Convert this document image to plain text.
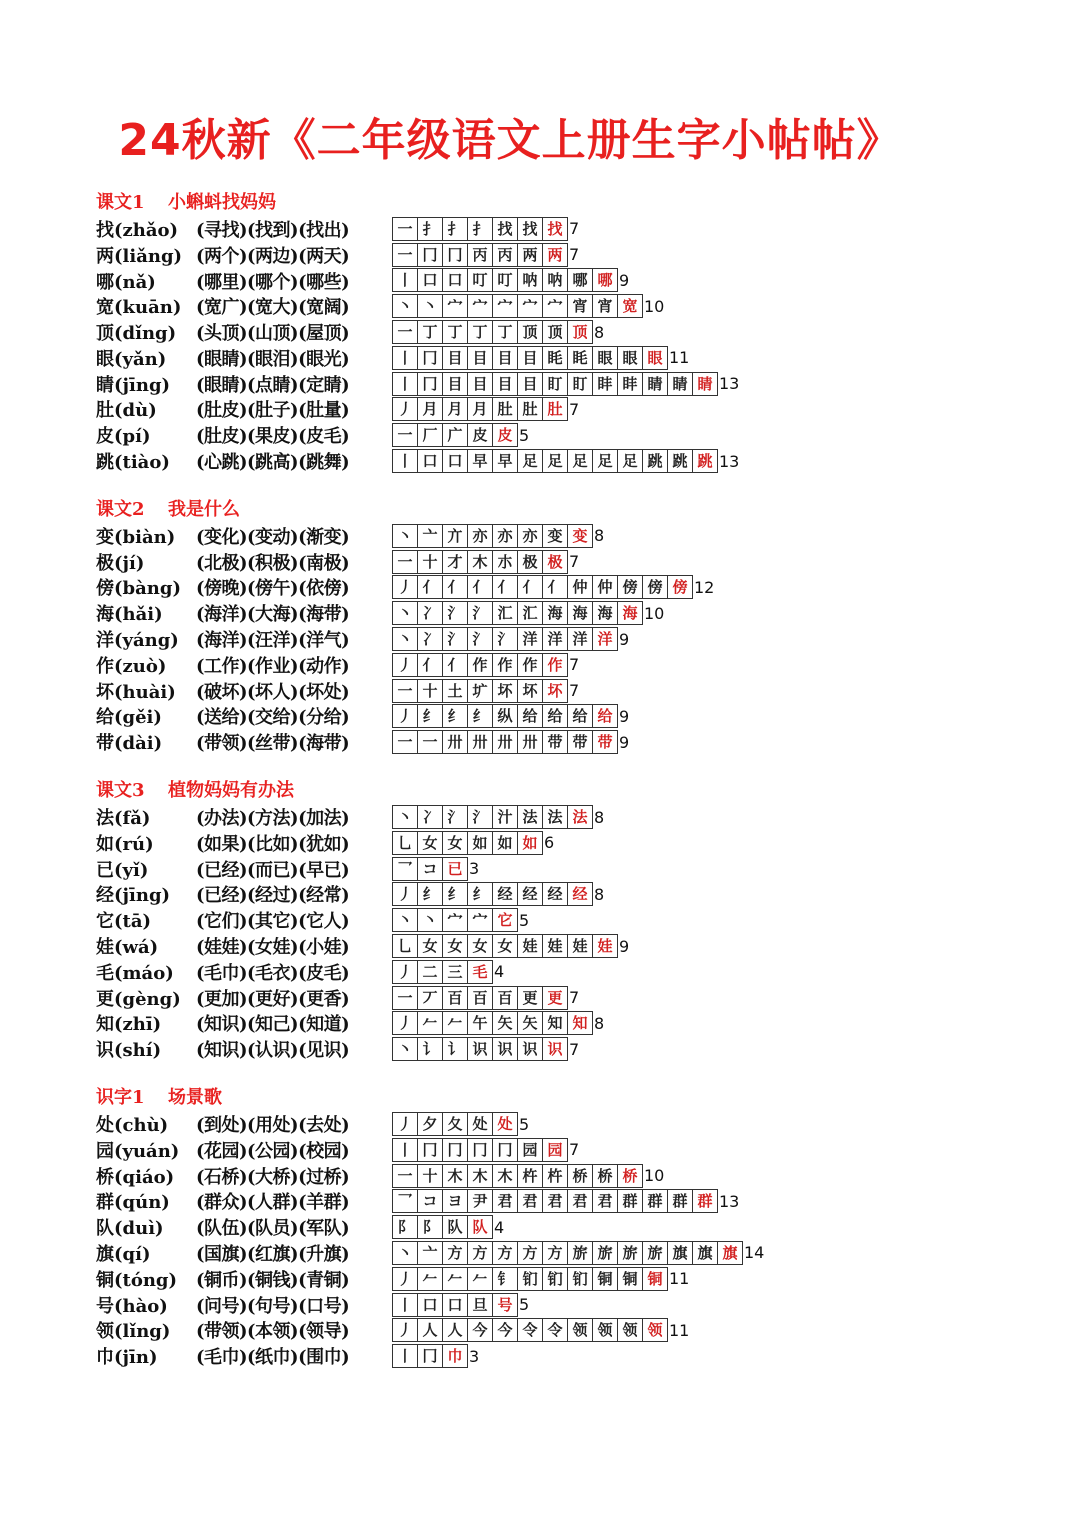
24秋新《二年级语文上册生字小帖帖》
课文1 小蝌蚪找妈妈
找(zhǎo) (寻找)(找到)(找出)	一 扌 扌 扌 找 找 找 7
两(liǎng) (两个)(两边)(两天)	一 冂 冂 丙 丙 两 两 7
哪(nǎ)	(哪里)(哪个)(哪些)	丨 口 口 叮 叮 呐 呐 哪 哪 9
宽(kuān) (宽广)(宽大)(宽阔)	丶 丶 宀 宀 宀 宀 宀 宵 宵 宽 10
顶(dǐng)	(头顶)(山顶)(屋顶)	一 丁 丁 丁 丁 顶 顶 顶 8
眼(yǎn)	(眼睛)(眼泪)(眼光)	丨 冂 目 目 目 目 眊 眊 眼 眼 眼 11
睛(jīng)	(眼睛)(点睛)(定睛)	丨 冂 目 目 目 目 盯 盯 盽 盽 睛 睛 睛 13
肚(dù)	(肚皮)(肚子)(肚量)	丿 月 月 月 肚 肚 肚 7
皮(pí)	(肚皮)(果皮)(皮毛)	一 厂 广 皮 皮 5
跳(tiào)	(心跳)(跳高)(跳舞)	丨 口 口 早 早 足 足 足 足 足 跳 跳 跳 13
课文2 我是什么
变(biàn)	(变化)(变动)(渐变)	丶 亠 亣 亦 亦 亦 变 变 8
极(jí)	(北极)(积极)(南极)	一 十 才 木 朩 极 极 7
傍(bàng) (傍晚)(傍午)(依傍)	丿 亻 亻 亻 亻 亻 亻 仲 仲 傍 傍 傍 12
海(hǎi)	(海洋)(大海)(海带)	丶 冫 氵 氵 汇 汇 海 海 海 海 10
洋(yáng) (海洋)(汪洋)(洋气)	丶 冫 氵 氵 氵 洋 洋 洋 洋 9
作(zuò)	(工作)(作业)(动作)	丿 亻 亻 作 作 作 作 7
坏(huài)	(破坏)(坏人)(坏处)	一 十 土 圹 坏 坏 坏 7
给(gěi)	(送给)(交给)(分给)	丿 纟 纟 纟 纵 给 给 给 给 9
带(dài)	(带领)(丝带)(海带)	一 一 卅 卅 卅 卅 带 带 带 9
课文3 植物妈妈有办法
法(fǎ)	(办法)(方法)(加法)	丶 冫 氵 氵 汁 法 法 法 8
如(rú)	(如果)(比如)(犹如)	乚 女 女 如 如 如 6
已(yǐ)	(已经)(而已)(早已)	乛 コ 已 3
经(jīng)	(已经)(经过)(经常)	丿 纟 纟 纟 经 经 经 经 8
它(tā)	(它们)(其它)(它人)	丶 丶 宀 宀 它 5
娃(wá)	(娃娃)(女娃)(小娃)	乚 女 女 女 女 娃 娃 娃 娃 9
毛(máo)	(毛巾)(毛衣)(皮毛)	丿 二 三 毛 4
更(gèng) (更加)(更好)(更香)	一 丆 百 百 百 更 更 7
知(zhī)	(知识)(知己)(知道)	丿 𠂉 𠂉 午 矢 矢 知 知 8
识(shí)	(知识)(认识)(见识)	丶 讠 讠 识 识 识 识 7
识字1 场景歌
处(chù)	(到处)(用处)(去处)	丿 夕 夂 处 处 5
园(yuán) (花园)(公园)(校园)	丨 冂 冂 冂 冂 园 园 7
桥(qiáo)	(石桥)(大桥)(过桥)	一 十 木 木 木 杵 杵 桥 桥 桥 10
群(qún)	(群众)(人群)(羊群)	乛 コ ヨ 尹 君 君 君 君 君 群 群 群 群 13
队(duì)	(队伍)(队员)(军队)	阝 阝 队 队 4
旗(qí)	(国旗)(红旗)(升旗)	丶 亠 方 方 方 方 方 旂 旂 旂 旂 旗 旗 旗 14
铜(tóng)	(铜币)(铜钱)(青铜)	丿 𠂉 𠂉 𠂉 钅 钔 钔 钔 铜 铜 铜 11
号(hào)	(问号)(句号)(口号)	丨 口 口 旦 号 5
领(lǐng)	(带领)(本领)(领导)	丿 人 人 今 今 令 令 领 领 领 领 11
巾(jīn)	(毛巾)(纸巾)(围巾)	丨 冂 巾 3
